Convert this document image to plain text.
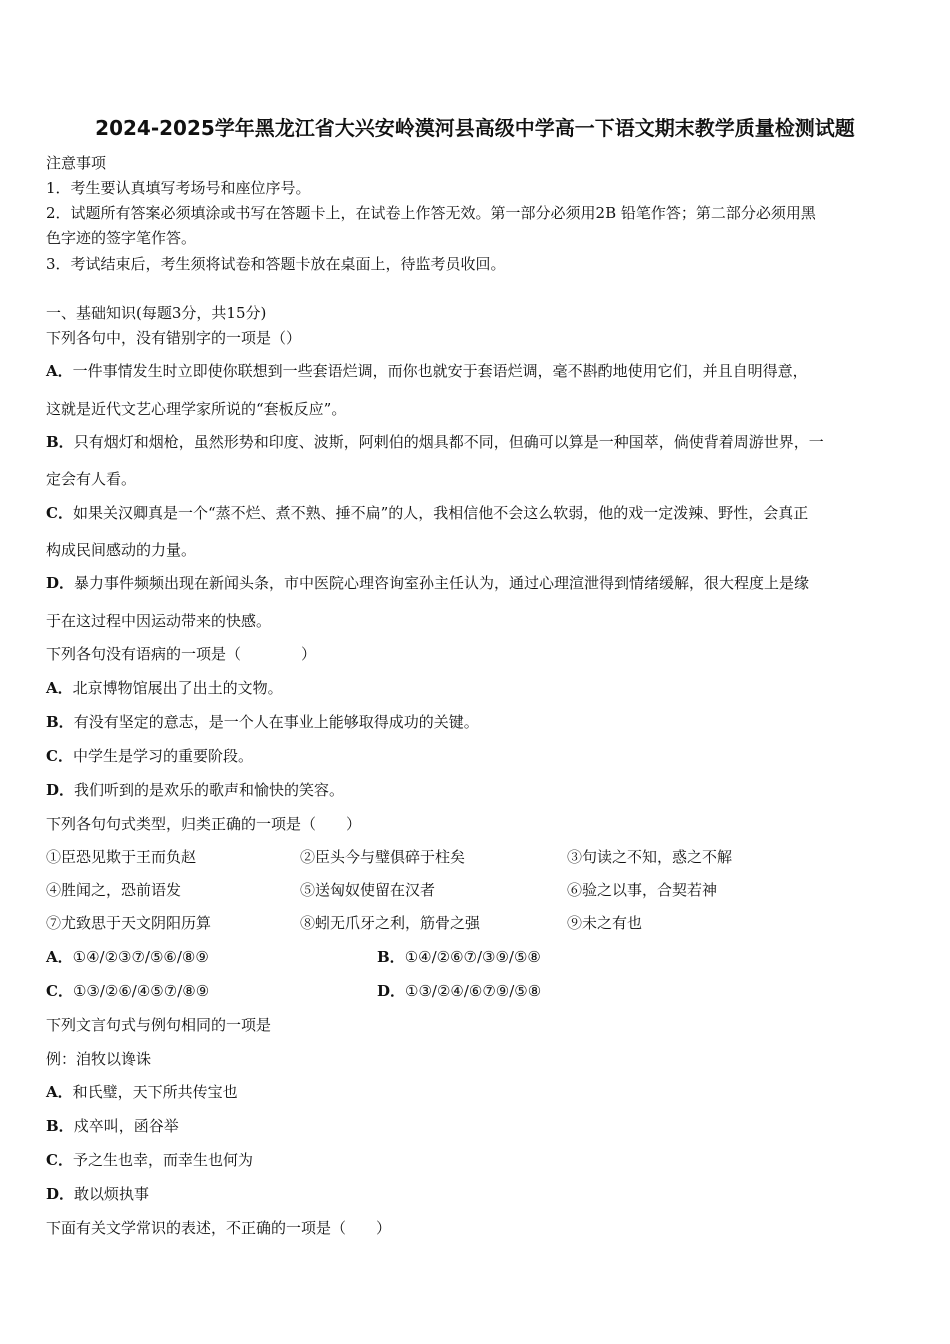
2024-2025学年黑龙江省大兴安岭漠河县高级中学高一下语文期末教学质量检测试题
注意事项
1．考生要认真填写考场号和座位序号。
2．试题所有答案必须填涂或书写在答题卡上，在试卷上作答无效。第一部分必须用2B 铅笔作答；第二部分必须用黑
色字迹的签字笔作答。
3．考试结束后，考生须将试卷和答题卡放在桌面上，待监考员收回。
一、基础知识(每题3分，共15分)
下列各句中，没有错别字的一项是（）
A．一件事情发生时立即使你联想到一些套语烂调，而你也就安于套语烂调，毫不斟酌地使用它们，并且自明得意，
这就是近代文艺心理学家所说的“套板反应”。
B．只有烟灯和烟枪，虽然形势和印度、波斯，阿剌伯的烟具都不同，但确可以算是一种国萃，倘使背着周游世界，一
定会有人看。
C．如果关汉卿真是一个“蒸不烂、煮不熟、捶不扁”的人，我相信他不会这么软弱，他的戏一定泼辣、野性，会真正
构成民间感动的力量。
D．暴力事件频频出现在新闻头条，市中医院心理咨询室孙主任认为，通过心理渲泄得到情绪缓解，很大程度上是缘
于在这过程中因运动带来的快感。
下列各句没有语病的一项是（　　　　）
A．北京博物馆展出了出土的文物。
B．有没有坚定的意志，是一个人在事业上能够取得成功的关键。
C．中学生是学习的重要阶段。
D．我们听到的是欢乐的歌声和愉快的笑容。
下列各句句式类型，归类正确的一项是（　　）
①臣恐见欺于王而负赵	②臣头今与璧俱碎于柱矣	③句读之不知，惑之不解
④胜闻之，恐前语发	⑤送匈奴使留在汉者	⑥验之以事，合契若神
⑦尤致思于天文阴阳历算	⑧蚓无爪牙之利，筋骨之强	⑨未之有也
A．①④/②③⑦/⑤⑥/⑧⑨	B．①④/②⑥⑦/③⑨/⑤⑧
C．①③/②⑥/④⑤⑦/⑧⑨	D．①③/②④/⑥⑦⑨/⑤⑧
下列文言句式与例句相同的一项是
例：洎牧以谗诛
A．和氏璧，天下所共传宝也
B．戍卒叫，函谷举
C．予之生也幸，而幸生也何为
D．敢以烦执事
下面有关文学常识的表述，不正确的一项是（　　）
